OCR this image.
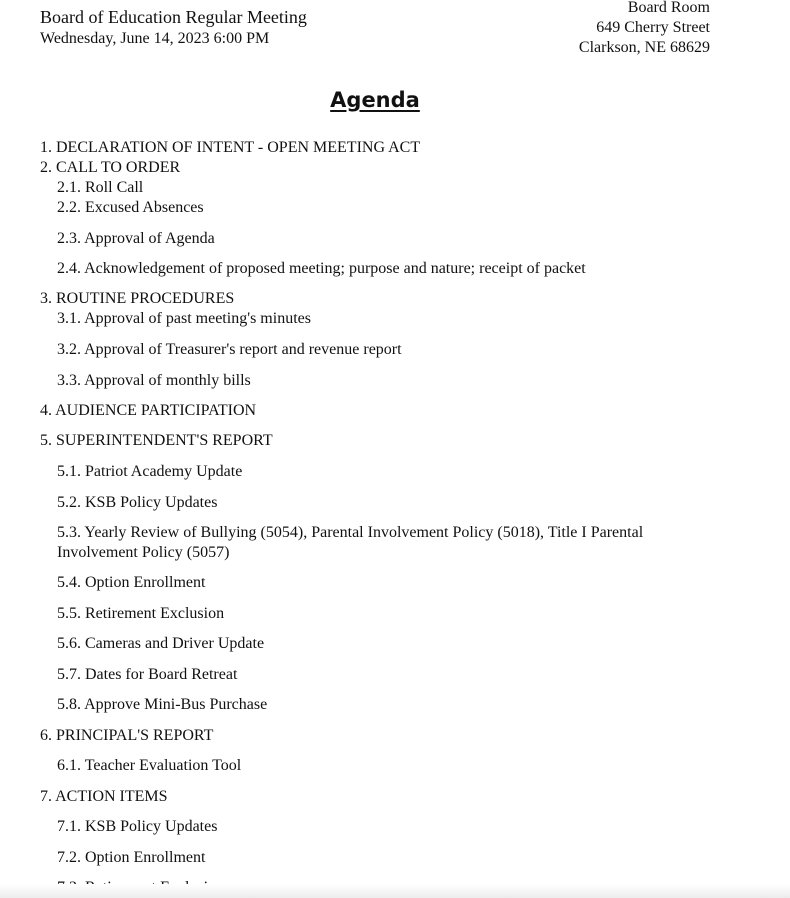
Board of Education Regular Meeting
Wednesday, June 14, 2023 6:00 PM
Board Room
649 Cherry Street
Clarkson, NE 68629
Agenda
1. DECLARATION OF INTENT - OPEN MEETING ACT
2. CALL TO ORDER
2.1. Roll Call
2.2. Excused Absences
2.3. Approval of Agenda
2.4. Acknowledgement of proposed meeting; purpose and nature; receipt of packet
3. ROUTINE PROCEDURES
3.1. Approval of past meeting's minutes
3.2. Approval of Treasurer's report and revenue report
3.3. Approval of monthly bills
4. AUDIENCE PARTICIPATION
5. SUPERINTENDENT'S REPORT
5.1. Patriot Academy Update
5.2. KSB Policy Updates
5.3. Yearly Review of Bullying (5054), Parental Involvement Policy (5018), Title I Parental Involvement Policy (5057)
5.4. Option Enrollment
5.5. Retirement Exclusion
5.6. Cameras and Driver Update
5.7. Dates for Board Retreat
5.8. Approve Mini-Bus Purchase
6. PRINCIPAL'S REPORT
6.1. Teacher Evaluation Tool
7. ACTION ITEMS
7.1. KSB Policy Updates
7.2. Option Enrollment
